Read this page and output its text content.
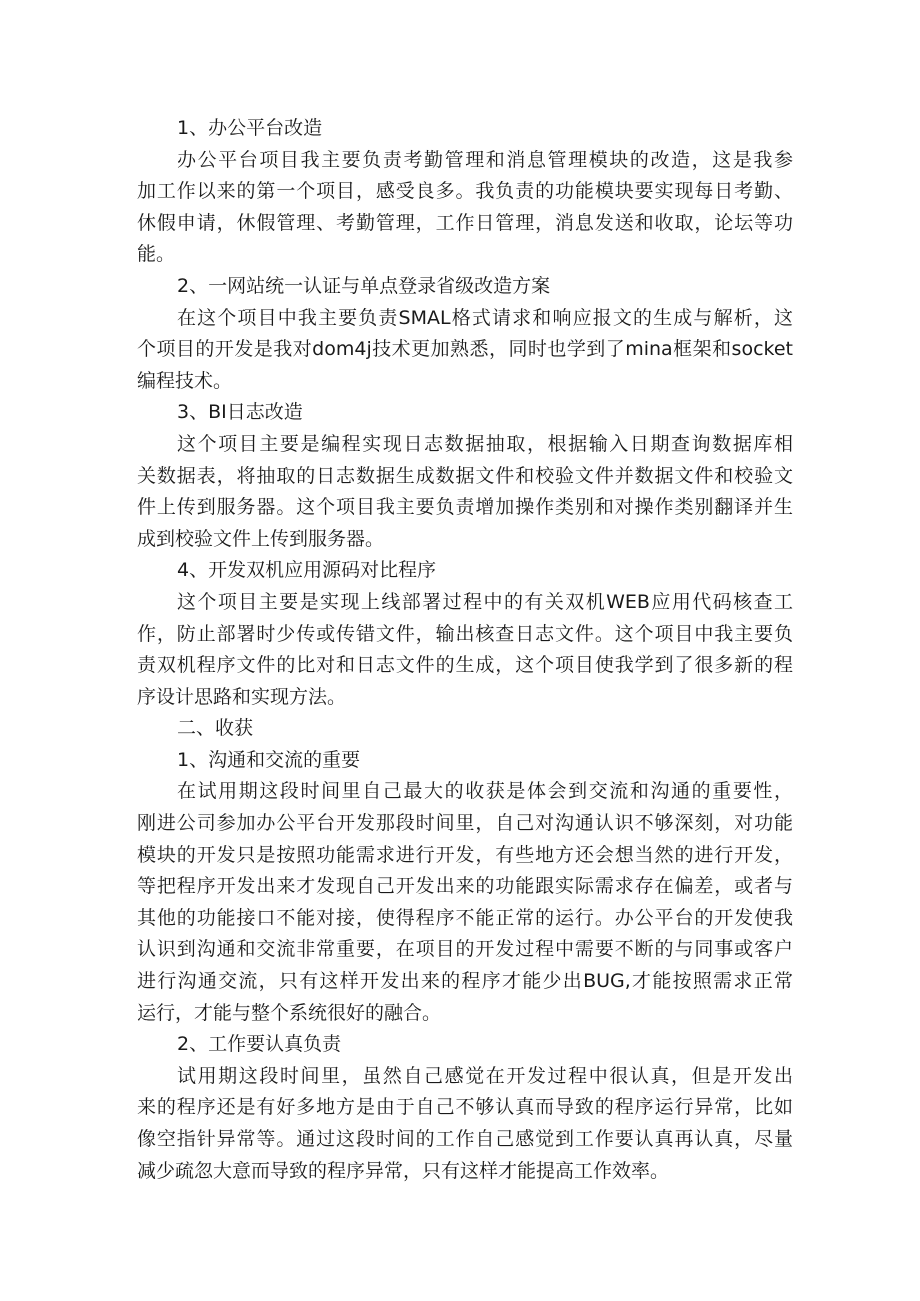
1、办公平台改造
办公平台项目我主要负责考勤管理和消息管理模块的改造，这是我参
加工作以来的第一个项目，感受良多。我负责的功能模块要实现每日考勤、
休假申请，休假管理、考勤管理，工作日管理，消息发送和收取，论坛等功
能。
2、一网站统一认证与单点登录省级改造方案
在这个项目中我主要负责SMAL格式请求和响应报文的生成与解析，这
个项目的开发是我对dom4j技术更加熟悉，同时也学到了mina框架和socket
编程技术。
3、BI日志改造
这个项目主要是编程实现日志数据抽取，根据输入日期查询数据库相
关数据表，将抽取的日志数据生成数据文件和校验文件并数据文件和校验文
件上传到服务器。这个项目我主要负责增加操作类别和对操作类别翻译并生
成到校验文件上传到服务器。
4、开发双机应用源码对比程序
这个项目主要是实现上线部署过程中的有关双机WEB应用代码核查工
作，防止部署时少传或传错文件，输出核查日志文件。这个项目中我主要负
责双机程序文件的比对和日志文件的生成，这个项目使我学到了很多新的程
序设计思路和实现方法。
二、收获
1、沟通和交流的重要
在试用期这段时间里自己最大的收获是体会到交流和沟通的重要性，
刚进公司参加办公平台开发那段时间里，自己对沟通认识不够深刻，对功能
模块的开发只是按照功能需求进行开发，有些地方还会想当然的进行开发，
等把程序开发出来才发现自己开发出来的功能跟实际需求存在偏差，或者与
其他的功能接口不能对接，使得程序不能正常的运行。办公平台的开发使我
认识到沟通和交流非常重要，在项目的开发过程中需要不断的与同事或客户
进行沟通交流，只有这样开发出来的程序才能少出BUG,才能按照需求正常
运行，才能与整个系统很好的融合。
2、工作要认真负责
试用期这段时间里，虽然自己感觉在开发过程中很认真，但是开发出
来的程序还是有好多地方是由于自己不够认真而导致的程序运行异常，比如
像空指针异常等。通过这段时间的工作自己感觉到工作要认真再认真，尽量
减少疏忽大意而导致的程序异常，只有这样才能提高工作效率。
